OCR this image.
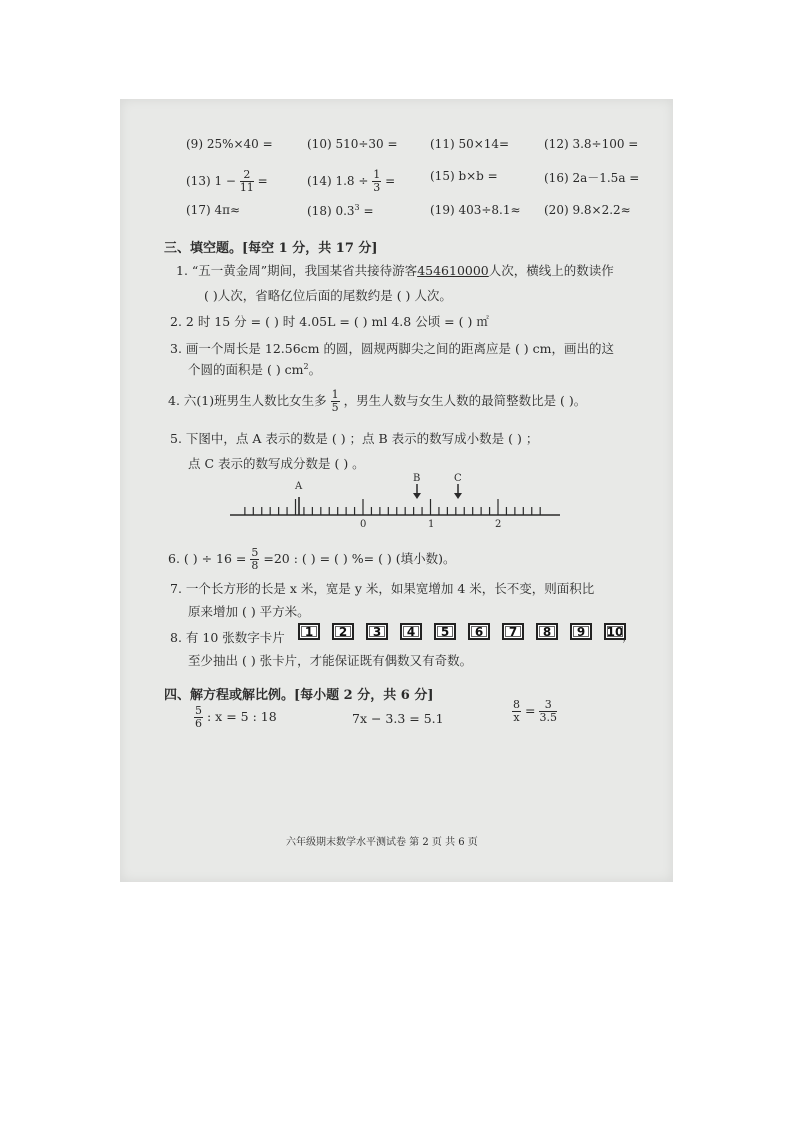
(9) 25%×40 =	(10) 510÷30 =	(11) 50×14=	(12) 3.8÷100 =
(13) $1 - \frac{2}{11}$ =	(14) $1.8 \div \frac{1}{3}$ =	(15) b×b =	(16) 2a－1.5a =
(17) 4π≈	(18) $0.3^3$ =	(19) 403÷8.1≈ (20) 9.8×2.2≈
三、填空题。[每空 1 分，共 17 分]
1. “五一黄金周”期间，我国某省共接待游客454610000人次，横线上的数读作
( )人次，省略亿位后面的尾数约是 ( ) 人次。
2. 2 时 15 分 = ( ) 时 4.05L = ( ) ml 4.8 公顷 = ( ) ㎡
3. 画一个周长是 12.56cm 的圆，圆规两脚尖之间的距离应是 ( ) cm，画出的这
个圆的面积是 ( ) $cm^2$。
4. 六(1)班男生人数比女生多 $\frac{1}{5}$ ，男生人数与女生人数的最简整数比是 ( )。
5. 下图中，点 A 表示的数是 ( ) ；点 B 表示的数写成小数是 ( ) ；
点 C 表示的数写成分数是 ( ) 。
A
B	C
0	1	2
6. ( ) ÷ $16 = \frac{5}{8} =20$ : ( ) = ( ) %= ( ) (填小数)。
7. 一个长方形的长是 x 米，宽是 y 米，如果宽增加 4 米，长不变，则面积比
原来增加 ( ) 平方米。
8. 有 10 张数字卡片	1	2	3	4	5	6	7	8	9	10
，
至少抽出 ( ) 张卡片，才能保证既有偶数又有奇数。
四、解方程或解比例。[每小题 2 分，共 6 分]
$\frac{5}{6}$ : x = 5 : 18	7x − 3.3 = 5.1	$\frac{8}{x} = \frac{3}{3.5}$
六年级期末数学水平测试卷 第 2 页 共 6 页
